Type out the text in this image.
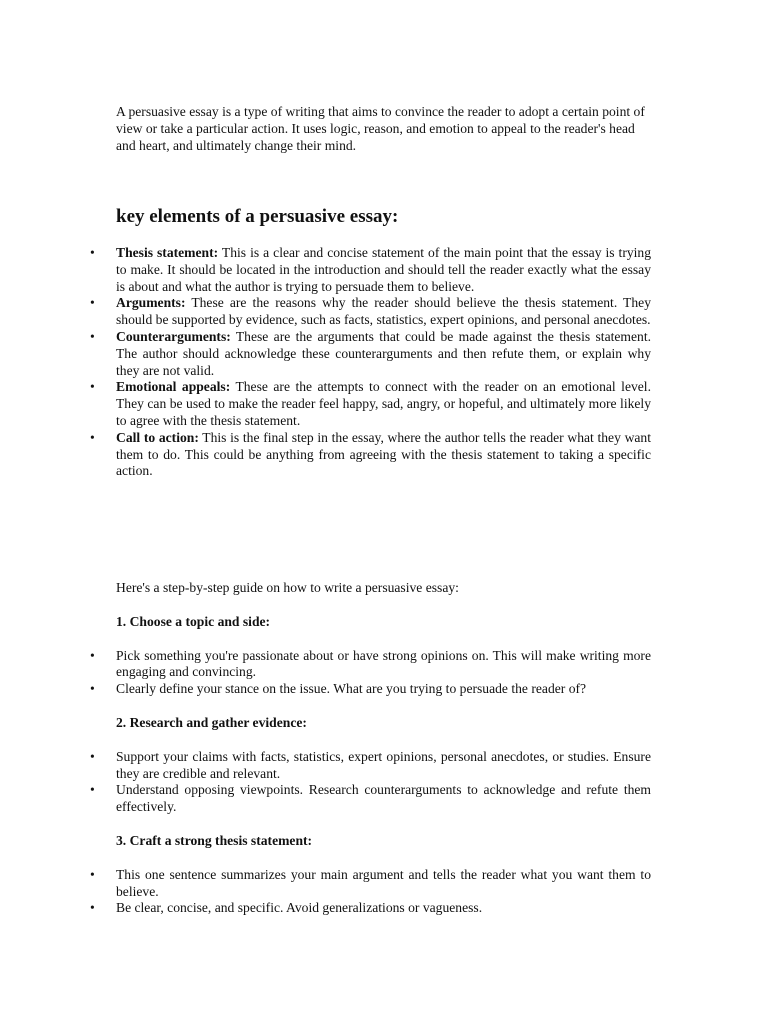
A persuasive essay is a type of writing that aims to convince the reader to adopt a certain point of view or take a particular action. It uses logic, reason, and emotion to appeal to the reader's head and heart, and ultimately change their mind.

key elements of a persuasive essay:
• Thesis statement: This is a clear and concise statement of the main point that the essay is trying to make. It should be located in the introduction and should tell the reader exactly what the essay is about and what the author is trying to persuade them to believe.
• Arguments: These are the reasons why the reader should believe the thesis statement. They should be supported by evidence, such as facts, statistics, expert opinions, and personal anecdotes.
• Counterarguments: These are the arguments that could be made against the thesis statement. The author should acknowledge these counterarguments and then refute them, or explain why they are not valid.
• Emotional appeals: These are the attempts to connect with the reader on an emotional level. They can be used to make the reader feel happy, sad, angry, or hopeful, and ultimately more likely to agree with the thesis statement.
• Call to action: This is the final step in the essay, where the author tells the reader what they want them to do. This could be anything from agreeing with the thesis statement to taking a specific action.

Here's a step-by-step guide on how to write a persuasive essay:

1. Choose a topic and side:

• Pick something you're passionate about or have strong opinions on. This will make writing more engaging and convincing.
• Clearly define your stance on the issue. What are you trying to persuade the reader of?

2. Research and gather evidence:

• Support your claims with facts, statistics, expert opinions, personal anecdotes, or studies. Ensure they are credible and relevant.
• Understand opposing viewpoints. Research counterarguments to acknowledge and refute them effectively.

3. Craft a strong thesis statement:

• This one sentence summarizes your main argument and tells the reader what you want them to believe.
• Be clear, concise, and specific. Avoid generalizations or vagueness.
